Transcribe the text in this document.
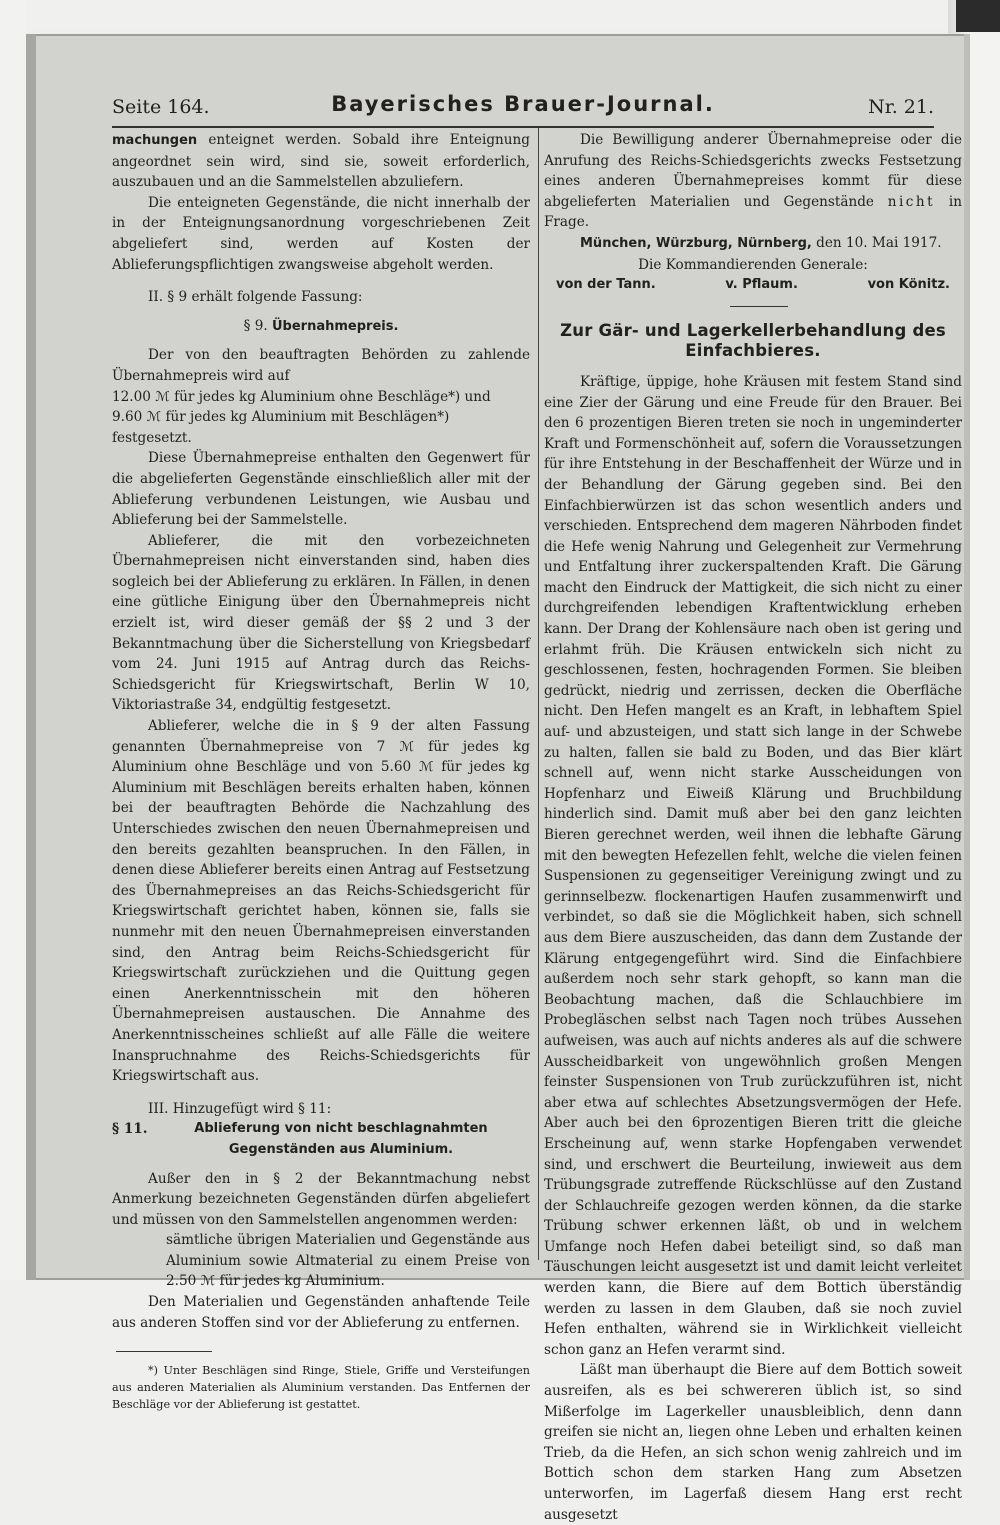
Seite 164.	Bayerisches Brauer-Journal.	Nr. 21.

machungen enteignet werden. Sobald ihre Enteignung angeordnet sein wird, sind sie, soweit erforderlich, auszubauen und an die Sammelstellen abzuliefern.

Die enteigneten Gegenstände, die nicht innerhalb der in der Enteignungsanordnung vorgeschriebenen Zeit abgeliefert sind, werden auf Kosten der Ablieferungspflichtigen zwangsweise abgeholt werden.

II. § 9 erhält folgende Fassung:

§ 9. Übernahmepreis.

Der von den beauftragten Behörden zu zahlende Übernahmepreis wird auf

12.00 ℳ für jedes kg Aluminium ohne Beschläge*) und

9.60 ℳ für jedes kg Aluminium mit Beschlägen*)

festgesetzt.

Diese Übernahmepreise enthalten den Gegenwert für die abgelieferten Gegenstände einschließlich aller mit der Ablieferung verbundenen Leistungen, wie Ausbau und Ablieferung bei der Sammelstelle.

Ablieferer, die mit den vorbezeichneten Übernahmepreisen nicht einverstanden sind, haben dies sogleich bei der Ablieferung zu erklären. In Fällen, in denen eine gütliche Einigung über den Übernahmepreis nicht erzielt ist, wird dieser gemäß der §§ 2 und 3 der Bekanntmachung über die Sicherstellung von Kriegsbedarf vom 24. Juni 1915 auf Antrag durch das Reichs-Schiedsgericht für Kriegswirtschaft, Berlin W 10, Viktoriastraße 34, endgültig festgesetzt.

Ablieferer, welche die in § 9 der alten Fassung genannten Übernahmepreise von 7 ℳ für jedes kg Aluminium ohne Beschläge und von 5.60 ℳ für jedes kg Aluminium mit Beschlägen bereits erhalten haben, können bei der beauftragten Behörde die Nachzahlung des Unterschiedes zwischen den neuen Übernahmepreisen und den bereits gezahlten beanspruchen. In den Fällen, in denen diese Ablieferer bereits einen Antrag auf Festsetzung des Übernahmepreises an das Reichs-Schiedsgericht für Kriegswirtschaft gerichtet haben, können sie, falls sie nunmehr mit den neuen Übernahmepreisen einverstanden sind, den Antrag beim Reichs-Schiedsgericht für Kriegswirtschaft zurückziehen und die Quittung gegen einen Anerkenntnisschein mit den höheren Übernahmepreisen austauschen. Die Annahme des Anerkenntnisscheines schließt auf alle Fälle die weitere Inanspruchnahme des Reichs-Schiedsgerichts für Kriegswirtschaft aus.

III. Hinzugefügt wird § 11:

§ 11.	Ablieferung von nicht beschlagnahmten Gegenständen aus Aluminium.

Außer den in § 2 der Bekanntmachung nebst Anmerkung bezeichneten Gegenständen dürfen abgeliefert und müssen von den Sammelstellen angenommen werden:

sämtliche übrigen Materialien und Gegenstände aus Aluminium sowie Altmaterial zu einem Preise von 2.50 ℳ für jedes kg Aluminium.

Den Materialien und Gegenständen anhaftende Teile aus anderen Stoffen sind vor der Ablieferung zu entfernen.

*) Unter Beschlägen sind Ringe, Stiele, Griffe und Versteifungen aus anderen Materialien als Aluminium verstanden. Das Entfernen der Beschläge vor der Ablieferung ist gestattet.

Die Bewilligung anderer Übernahmepreise oder die Anrufung des Reichs-Schiedsgerichts zwecks Festsetzung eines anderen Übernahmepreises kommt für diese abgelieferten Materialien und Gegenstände nicht in Frage.

München, Würzburg, Nürnberg, den 10. Mai 1917.

Die Kommandierenden Generale:

von der Tann.	v. Pflaum.	von Könitz.
Zur Gär- und Lagerkellerbehandlung des Einfachbieres.

Kräftige, üppige, hohe Kräusen mit festem Stand sind eine Zier der Gärung und eine Freude für den Brauer. Bei den 6 prozentigen Bieren treten sie noch in ungeminderter Kraft und Formenschönheit auf, sofern die Voraussetzungen für ihre Entstehung in der Beschaffenheit der Würze und in der Behandlung der Gärung gegeben sind. Bei den Einfachbierwürzen ist das schon wesentlich anders und verschieden. Entsprechend dem mageren Nährboden findet die Hefe wenig Nahrung und Gelegenheit zur Vermehrung und Entfaltung ihrer zuckerspaltenden Kraft. Die Gärung macht den Eindruck der Mattigkeit, die sich nicht zu einer durchgreifenden lebendigen Kraftentwicklung erheben kann. Der Drang der Kohlensäure nach oben ist gering und erlahmt früh. Die Kräusen entwickeln sich nicht zu geschlossenen, festen, hochragenden Formen. Sie bleiben gedrückt, niedrig und zerrissen, decken die Oberfläche nicht. Den Hefen mangelt es an Kraft, in lebhaftem Spiel auf- und abzusteigen, und statt sich lange in der Schwebe zu halten, fallen sie bald zu Boden, und das Bier klärt schnell auf, wenn nicht starke Ausscheidungen von Hopfenharz und Eiweiß Klärung und Bruchbildung hinderlich sind. Damit muß aber bei den ganz leichten Bieren gerechnet werden, weil ihnen die lebhafte Gärung mit den bewegten Hefezellen fehlt, welche die vielen feinen Suspensionen zu gegenseitiger Vereinigung zwingt und zu gerinnselbezw. flockenartigen Haufen zusammenwirft und verbindet, so daß sie die Möglichkeit haben, sich schnell aus dem Biere auszuscheiden, das dann dem Zustande der Klärung entgegengeführt wird. Sind die Einfachbiere außerdem noch sehr stark gehopft, so kann man die Beobachtung machen, daß die Schlauchbiere im Probegläschen selbst nach Tagen noch trübes Aussehen aufweisen, was auch auf nichts anderes als auf die schwere Ausscheidbarkeit von ungewöhnlich großen Mengen feinster Suspensionen von Trub zurückzuführen ist, nicht aber etwa auf schlechtes Absetzungsvermögen der Hefe. Aber auch bei den 6prozentigen Bieren tritt die gleiche Erscheinung auf, wenn starke Hopfengaben verwendet sind, und erschwert die Beurteilung, inwieweit aus dem Trübungsgrade zutreffende Rückschlüsse auf den Zustand der Schlauchreife gezogen werden können, da die starke Trübung schwer erkennen läßt, ob und in welchem Umfange noch Hefen dabei beteiligt sind, so daß man Täuschungen leicht ausgesetzt ist und damit leicht verleitet werden kann, die Biere auf dem Bottich überständig werden zu lassen in dem Glauben, daß sie noch zuviel Hefen enthalten, während sie in Wirklichkeit vielleicht schon ganz an Hefen verarmt sind.

Läßt man überhaupt die Biere auf dem Bottich soweit ausreifen, als es bei schwereren üblich ist, so sind Mißerfolge im Lagerkeller unausbleiblich, denn dann greifen sie nicht an, liegen ohne Leben und erhalten keinen Trieb, da die Hefen, an sich schon wenig zahlreich und im Bottich schon dem starken Hang zum Absetzen unterworfen, im Lagerfaß diesem Hang erst recht ausgesetzt
